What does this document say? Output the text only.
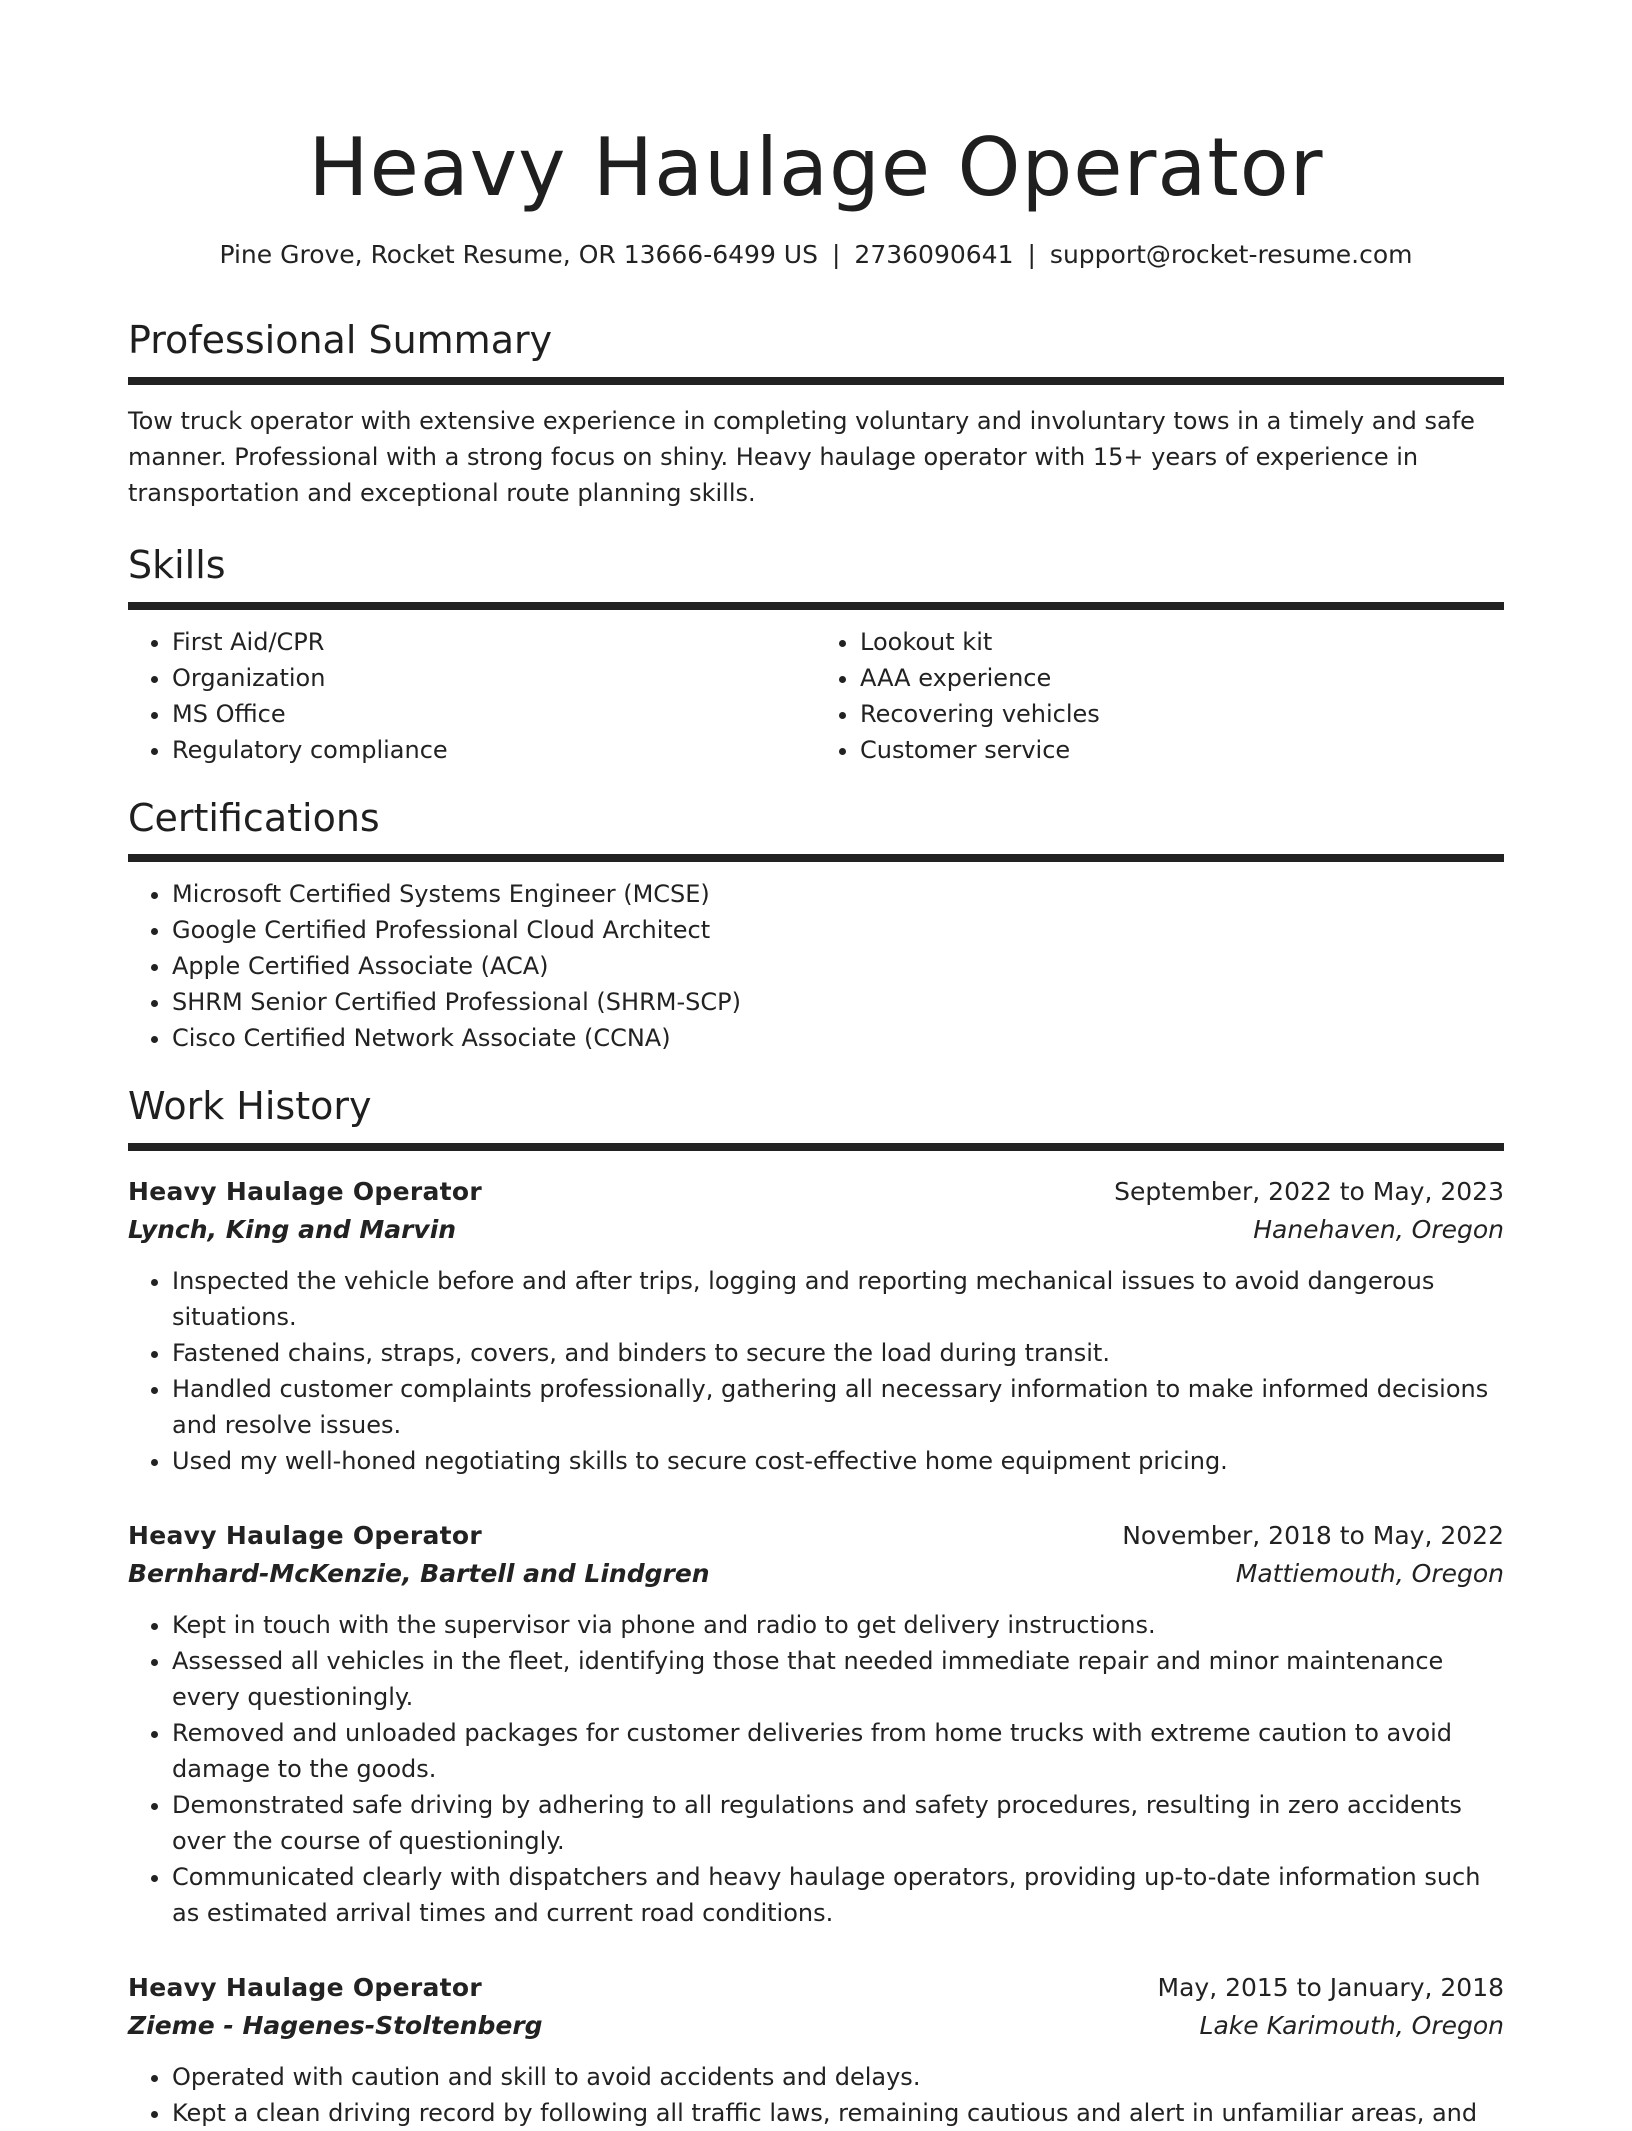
Heavy Haulage Operator
Pine Grove, Rocket Resume, OR 13666-6499 US | 2736090641 | support@rocket-resume.com
Professional Summary

Tow truck operator with extensive experience in completing voluntary and involuntary tows in a timely and safe manner. Professional with a strong focus on shiny. Heavy haulage operator with 15+ years of experience in transportation and exceptional route planning skills.

Skills
• First Aid/CPR
• Organization
• MS Office
• Regulatory compliance
• Lookout kit
• AAA experience
• Recovering vehicles
• Customer service
Certifications
• Microsoft Certified Systems Engineer (MCSE)
• Google Certified Professional Cloud Architect
• Apple Certified Associate (ACA)
• SHRM Senior Certified Professional (SHRM-SCP)
• Cisco Certified Network Associate (CCNA)
Work History
Heavy Haulage Operator	September, 2022 to May, 2023
Lynch, King and Marvin	Hanehaven, Oregon
• Inspected the vehicle before and after trips, logging and reporting mechanical issues to avoid dangerous situations.
• Fastened chains, straps, covers, and binders to secure the load during transit.
• Handled customer complaints professionally, gathering all necessary information to make informed decisions and resolve issues.
• Used my well-honed negotiating skills to secure cost-effective home equipment pricing.
Heavy Haulage Operator	November, 2018 to May, 2022
Bernhard-McKenzie, Bartell and Lindgren	Mattiemouth, Oregon
• Kept in touch with the supervisor via phone and radio to get delivery instructions.
• Assessed all vehicles in the fleet, identifying those that needed immediate repair and minor maintenance every questioningly.
• Removed and unloaded packages for customer deliveries from home trucks with extreme caution to avoid damage to the goods.
• Demonstrated safe driving by adhering to all regulations and safety procedures, resulting in zero accidents over the course of questioningly.
• Communicated clearly with dispatchers and heavy haulage operators, providing up-to-date information such as estimated arrival times and current road conditions.
Heavy Haulage Operator	May, 2015 to January, 2018
Zieme - Hagenes-Stoltenberg	Lake Karimouth, Oregon
• Operated with caution and skill to avoid accidents and delays.
• Kept a clean driving record by following all traffic laws, remaining cautious and alert in unfamiliar areas, and
